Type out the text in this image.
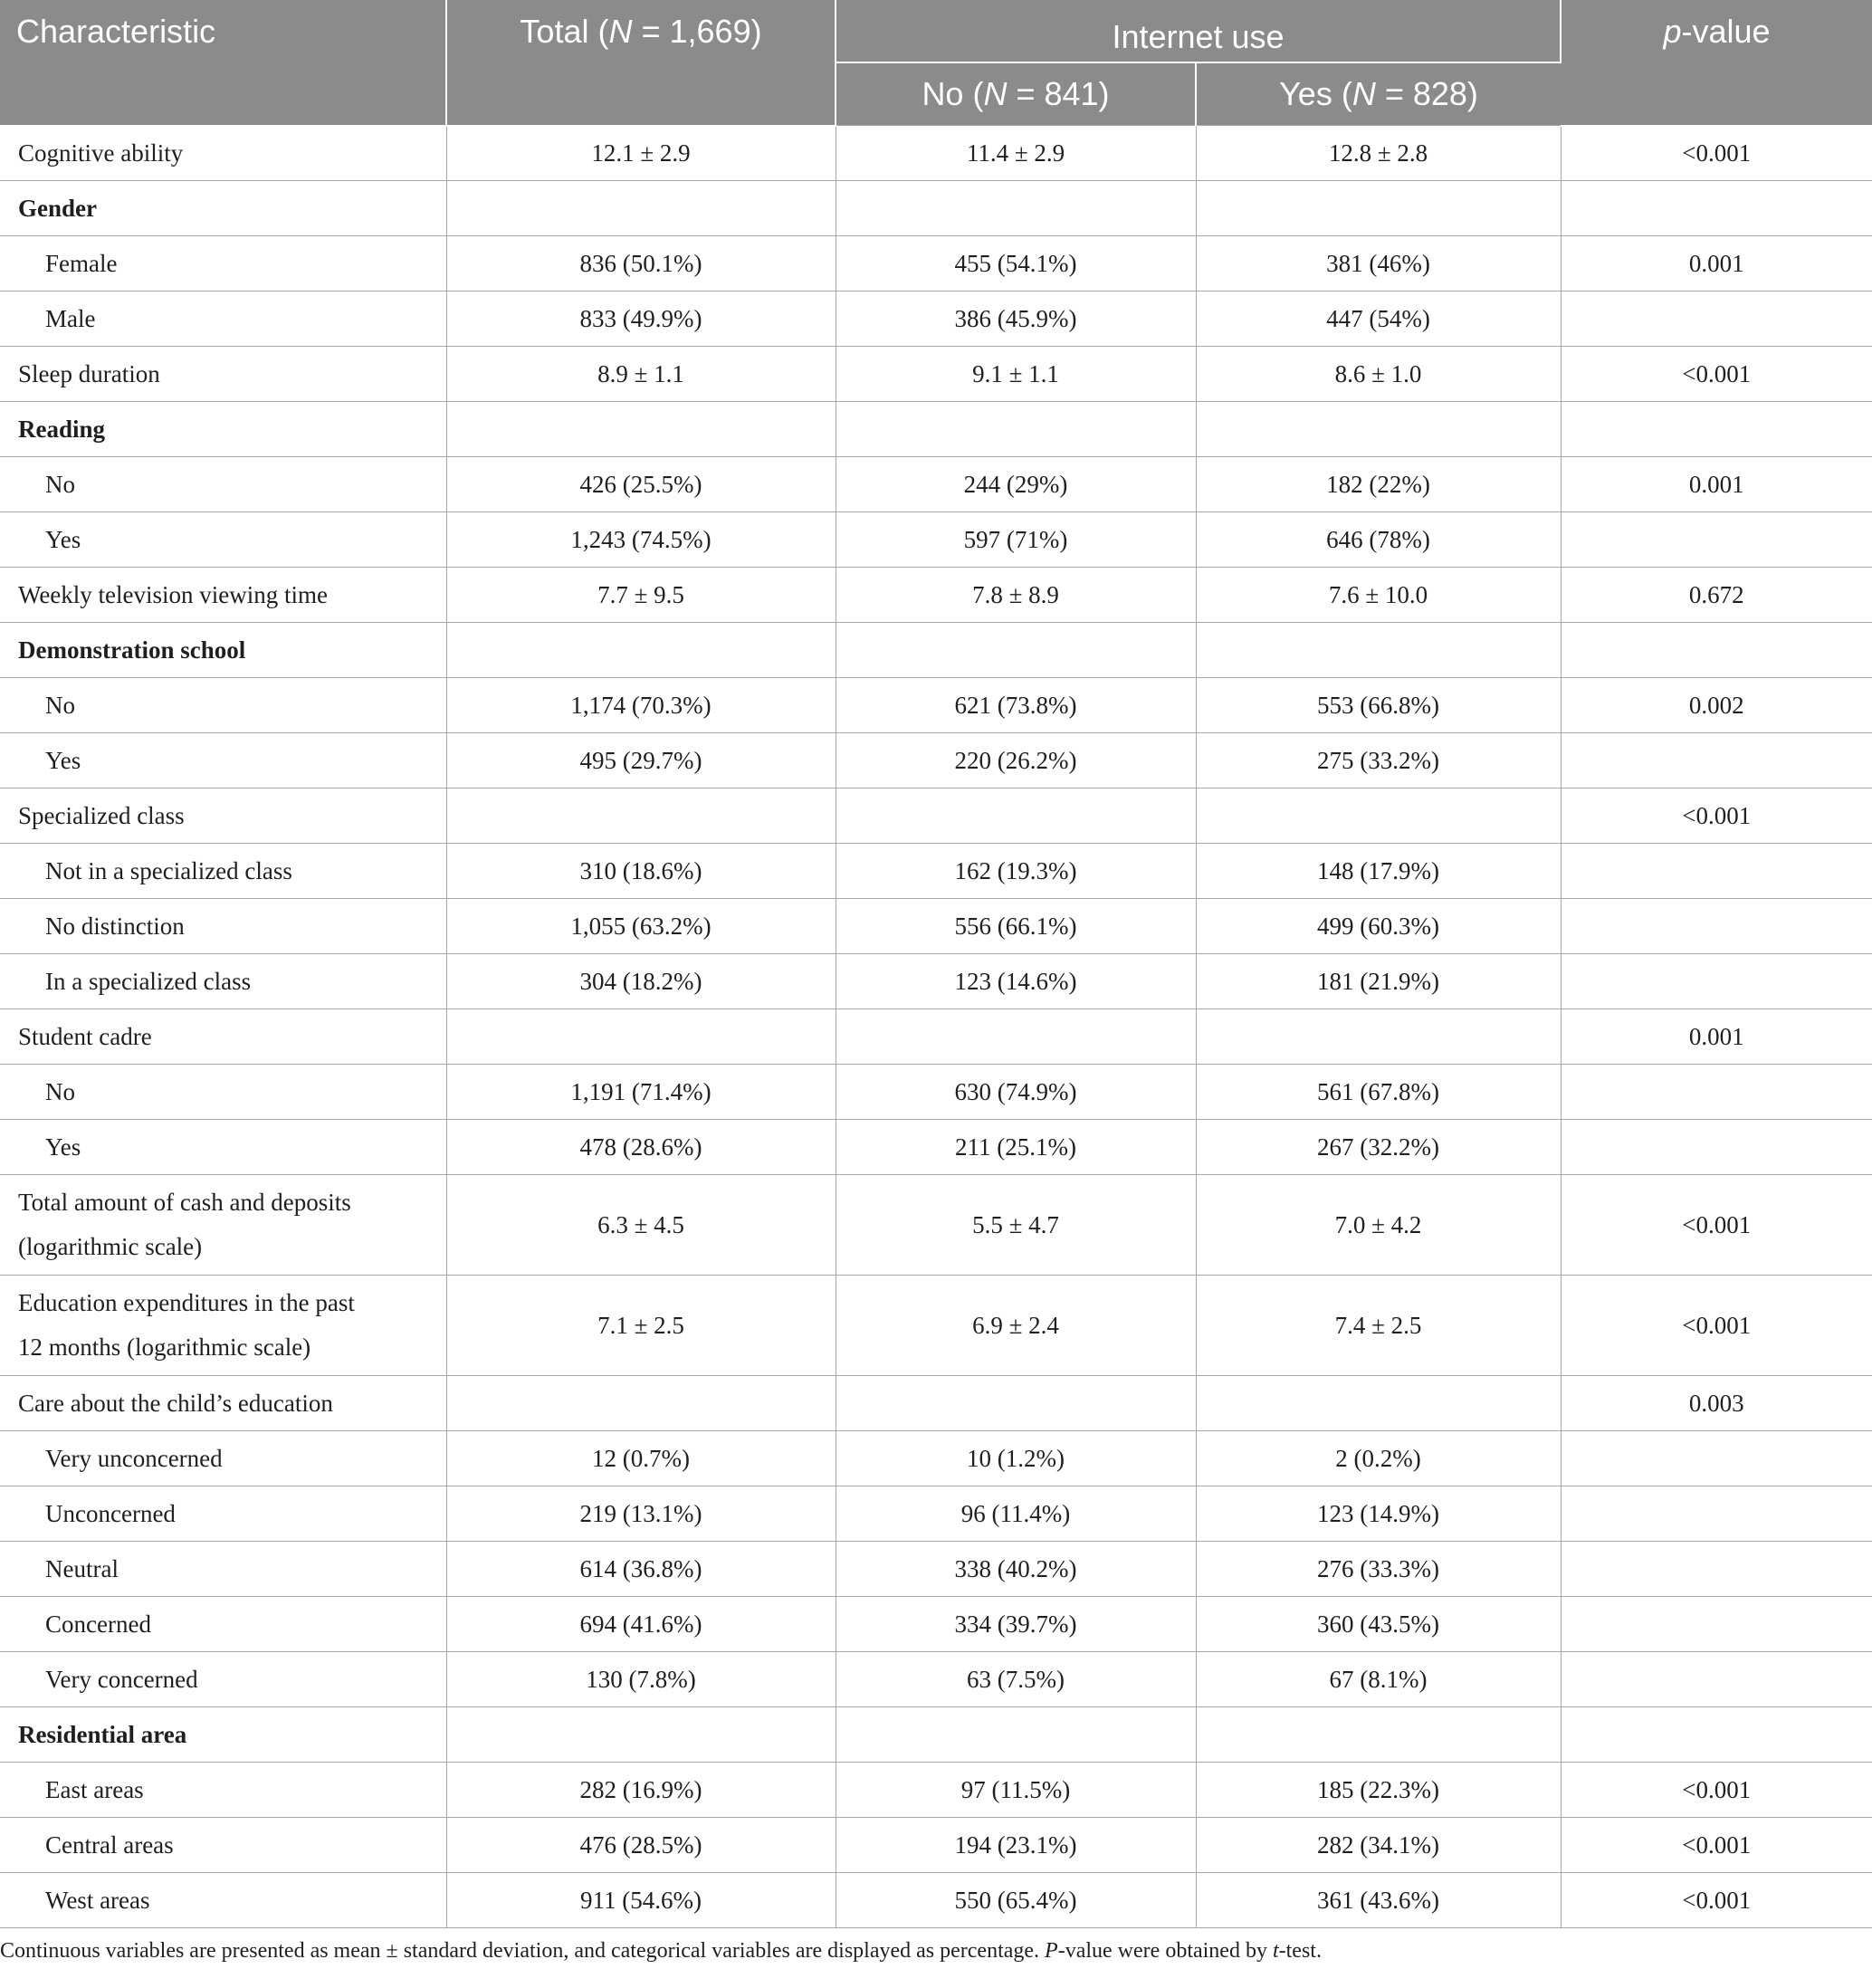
Characteristic	Total (N = 1,669)	Internet use		p-value
		No (N = 841)	Yes (N = 828)	
Cognitive ability	12.1 ± 2.9	11.4 ± 2.9	12.8 ± 2.8	<0.001
Gender				
Female	836 (50.1%)	455 (54.1%)	381 (46%)	0.001
Male	833 (49.9%)	386 (45.9%)	447 (54%)	
Sleep duration	8.9 ± 1.1	9.1 ± 1.1	8.6 ± 1.0	<0.001
Reading				
No	426 (25.5%)	244 (29%)	182 (22%)	0.001
Yes	1,243 (74.5%)	597 (71%)	646 (78%)	
Weekly television viewing time	7.7 ± 9.5	7.8 ± 8.9	7.6 ± 10.0	0.672
Demonstration school				
No	1,174 (70.3%)	621 (73.8%)	553 (66.8%)	0.002
Yes	495 (29.7%)	220 (26.2%)	275 (33.2%)	
Specialized class				<0.001
Not in a specialized class	310 (18.6%)	162 (19.3%)	148 (17.9%)	
No distinction	1,055 (63.2%)	556 (66.1%)	499 (60.3%)	
In a specialized class	304 (18.2%)	123 (14.6%)	181 (21.9%)	
Student cadre				0.001
No	1,191 (71.4%)	630 (74.9%)	561 (67.8%)	
Yes	478 (28.6%)	211 (25.1%)	267 (32.2%)	
Total amount of cash and deposits
(logarithmic scale)	6.3 ± 4.5	5.5 ± 4.7	7.0 ± 4.2	<0.001
Education expenditures in the past
12 months (logarithmic scale)	7.1 ± 2.5	6.9 ± 2.4	7.4 ± 2.5	<0.001
Care about the child’s education				0.003
Very unconcerned	12 (0.7%)	10 (1.2%)	2 (0.2%)	
Unconcerned	219 (13.1%)	96 (11.4%)	123 (14.9%)	
Neutral	614 (36.8%)	338 (40.2%)	276 (33.3%)	
Concerned	694 (41.6%)	334 (39.7%)	360 (43.5%)	
Very concerned	130 (7.8%)	63 (7.5%)	67 (8.1%)	
Residential area				
East areas	282 (16.9%)	97 (11.5%)	185 (22.3%)	<0.001
Central areas	476 (28.5%)	194 (23.1%)	282 (34.1%)	<0.001
West areas	911 (54.6%)	550 (65.4%)	361 (43.6%)	<0.001
Continuous variables are presented as mean ± standard deviation, and categorical variables are displayed as percentage. P-value were obtained by t-test.
